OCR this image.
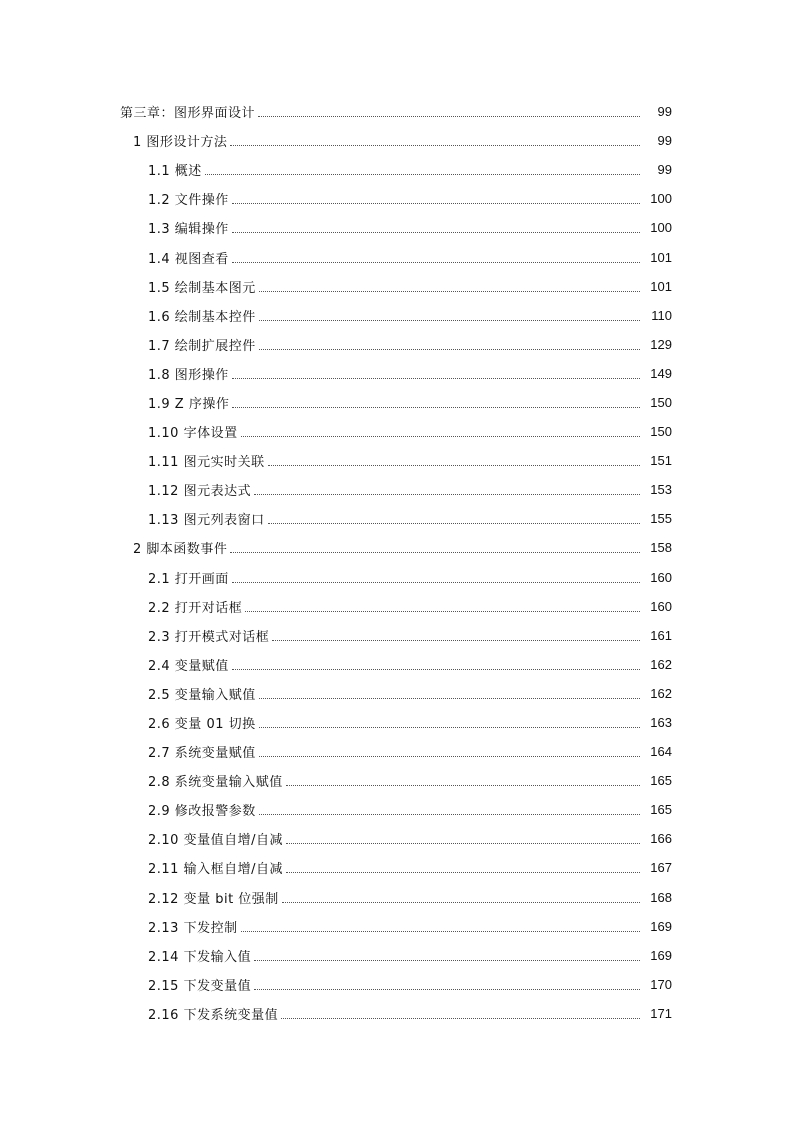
第三章：图形界面设计	99
1 图形设计方法	99
1.1 概述	99
1.2 文件操作	100
1.3 编辑操作	100
1.4 视图查看	101
1.5 绘制基本图元	101
1.6 绘制基本控件	110
1.7 绘制扩展控件	129
1.8 图形操作	149
1.9 Z 序操作	150
1.10 字体设置	150
1.11 图元实时关联	151
1.12 图元表达式	153
1.13 图元列表窗口	155
2 脚本函数事件	158
2.1 打开画面	160
2.2 打开对话框	160
2.3 打开模式对话框	161
2.4 变量赋值	162
2.5 变量输入赋值	162
2.6 变量 01 切换	163
2.7 系统变量赋值	164
2.8 系统变量输入赋值	165
2.9 修改报警参数	165
2.10 变量值自增/自减	166
2.11 输入框自增/自减	167
2.12 变量 bit 位强制	168
2.13 下发控制	169
2.14 下发输入值	169
2.15 下发变量值	170
2.16 下发系统变量值	171
